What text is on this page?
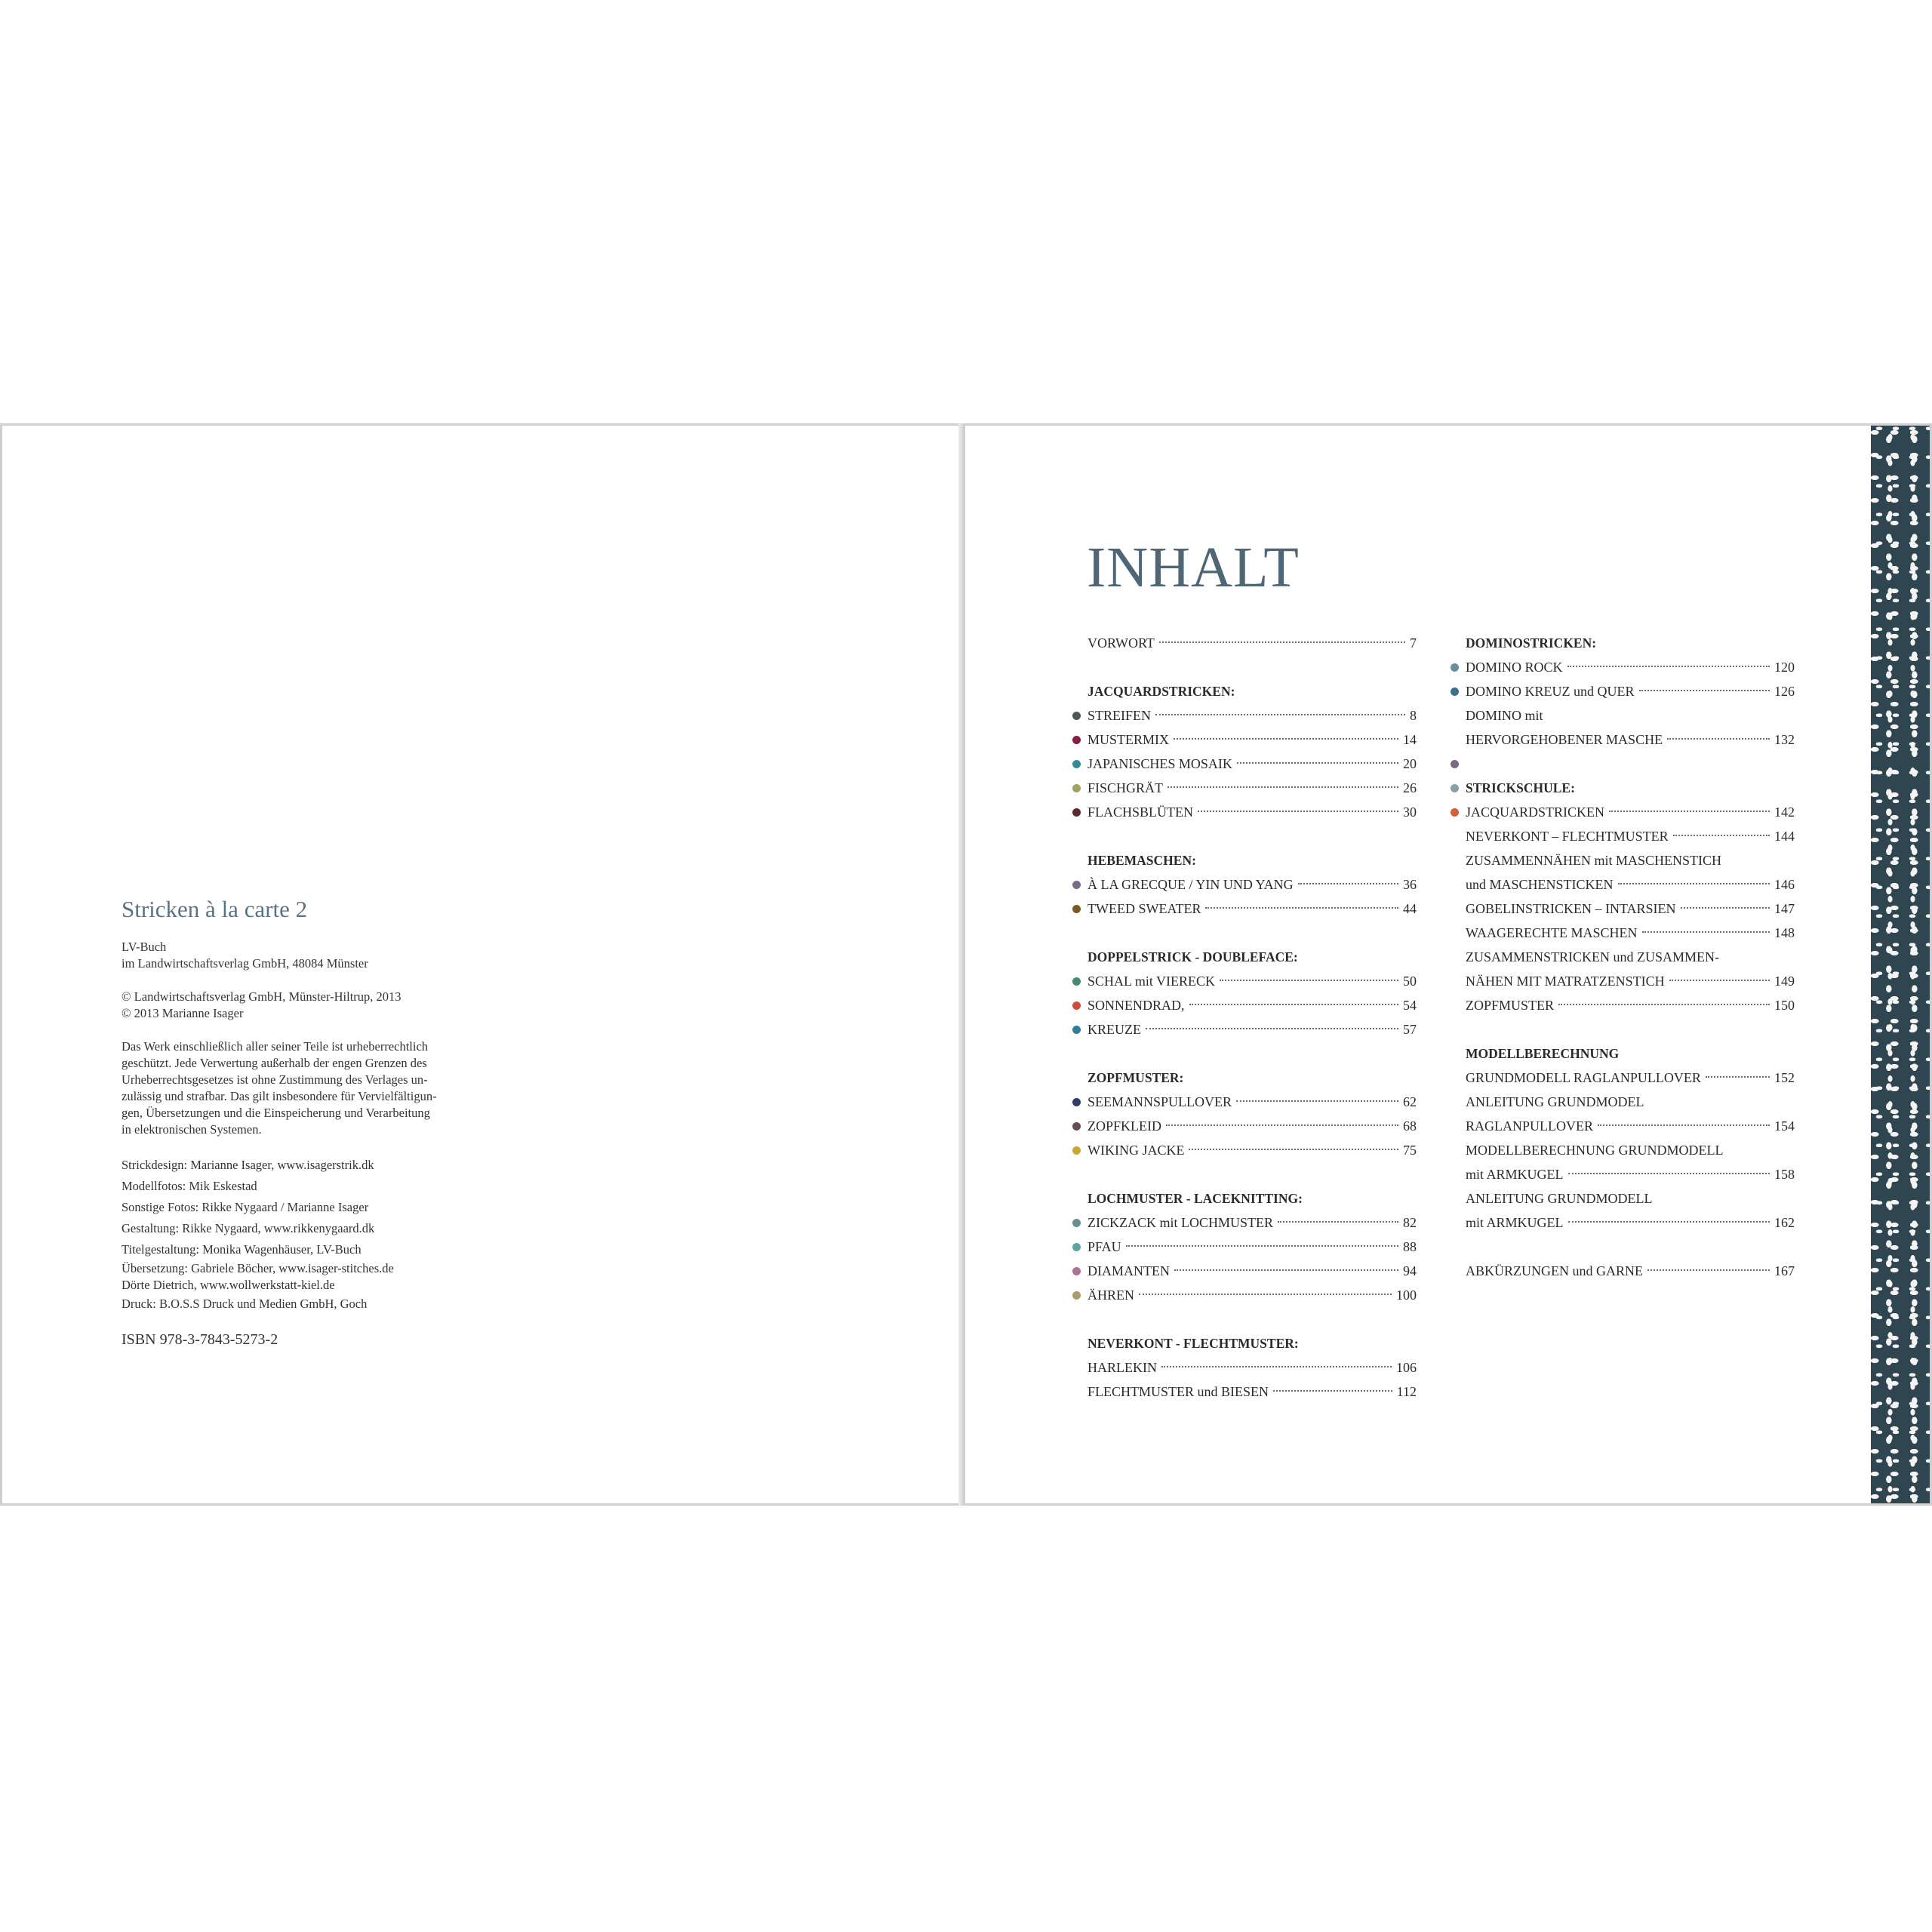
Stricken à la carte 2

LV-Buch

im Landwirtschaftsverlag GmbH, 48084 Münster

© Landwirtschaftsverlag GmbH, Münster-Hiltrup, 2013

© 2013 Marianne Isager

Das Werk einschließlich aller seiner Teile ist urheberrechtlich

geschützt. Jede Verwertung außerhalb der engen Grenzen des

Urheberrechtsgesetzes ist ohne Zustimmung des Verlages un-

zulässig und strafbar. Das gilt insbesondere für Vervielfältigun-

gen, Übersetzungen und die Einspeicherung und Verarbeitung

in elektronischen Systemen.

Strickdesign: Marianne Isager, www.isagerstrik.dk

Modellfotos: Mik Eskestad

Sonstige Fotos: Rikke Nygaard / Marianne Isager

Gestaltung: Rikke Nygaard, www.rikkenygaard.dk

Titelgestaltung: Monika Wagenhäuser, LV-Buch

Übersetzung: Gabriele Böcher, www.isager-stitches.de

Dörte Dietrich, www.wollwerkstatt-kiel.de

Druck: B.O.S.S Druck und Medien GmbH, Goch

ISBN 978-3-7843-5273-2
INHALT
VORWORT	7
JACQUARDSTRICKEN:
STREIFEN	8
MUSTERMIX	14
JAPANISCHES MOSAIK	20
FISCHGRÄT	26
FLACHSBLÜTEN	30
HEBEMASCHEN:
À LA GRECQUE / YIN UND YANG	36
TWEED SWEATER	44
DOPPELSTRICK - DOUBLEFACE:
SCHAL mit VIERECK	50
SONNENDRAD,	54
KREUZE	57
ZOPFMUSTER:
SEEMANNSPULLOVER	62
ZOPFKLEID	68
WIKING JACKE	75
LOCHMUSTER - LACEKNITTING:
ZICKZACK mit LOCHMUSTER	82
PFAU	88
DIAMANTEN	94
ÄHREN	100
NEVERKONT - FLECHTMUSTER:
HARLEKIN	106
FLECHTMUSTER und BIESEN	112
DOMINOSTRICKEN:
DOMINO ROCK	120
DOMINO KREUZ und QUER	126
DOMINO mit
HERVORGEHOBENER MASCHE	132
STRICKSCHULE:
JACQUARDSTRICKEN	142
NEVERKONT – FLECHTMUSTER	144
ZUSAMMENNÄHEN mit MASCHENSTICH
und MASCHENSTICKEN	146
GOBELINSTRICKEN – INTARSIEN	147
WAAGERECHTE MASCHEN	148
ZUSAMMENSTRICKEN und ZUSAMMEN-
NÄHEN MIT MATRATZENSTICH	149
ZOPFMUSTER	150
MODELLBERECHNUNG
GRUNDMODELL RAGLANPULLOVER	152
ANLEITUNG GRUNDMODEL
RAGLANPULLOVER	154
MODELLBERECHNUNG GRUNDMODELL
mit ARMKUGEL	158
ANLEITUNG GRUNDMODELL
mit ARMKUGEL	162
ABKÜRZUNGEN und GARNE	167
